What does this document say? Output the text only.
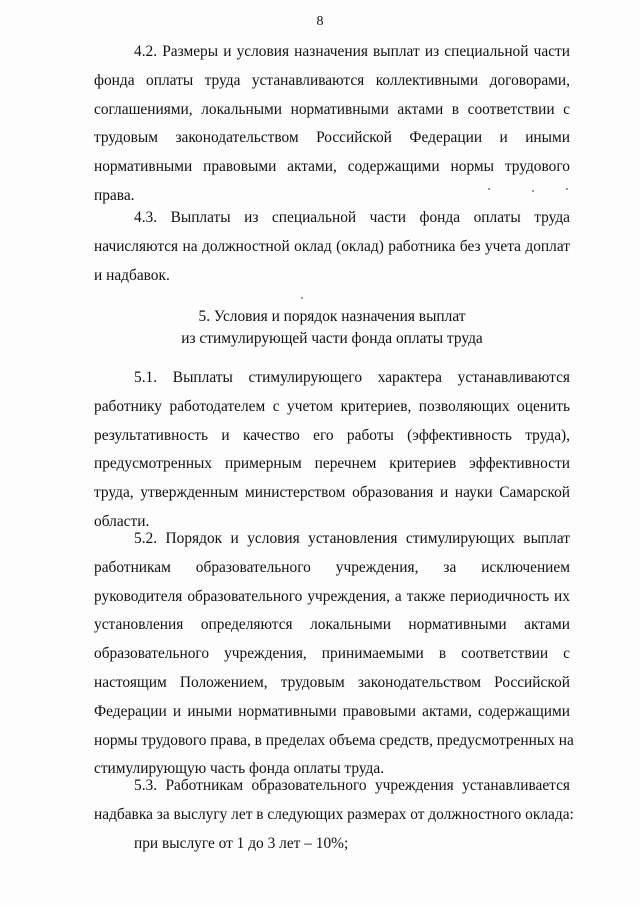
8
4.2. Размеры и условия назначения выплат из специальной части
фонда оплаты труда устанавливаются коллективными договорами,
соглашениями, локальными нормативными актами в соответствии с
трудовым законодательством Российской Федерации и иными
нормативными правовыми актами, содержащими нормы трудового
права.
4.3. Выплаты из специальной части фонда оплаты труда
начисляются на должностной оклад (оклад) работника без учета доплат
и надбавок.
5. Условия и порядок назначения выплат
из стимулирующей части фонда оплаты труда
5.1. Выплаты стимулирующего характера устанавливаются
работнику работодателем с учетом критериев, позволяющих оценить
результативность и качество его работы (эффективность труда),
предусмотренных примерным перечнем критериев эффективности
труда, утвержденным министерством образования и науки Самарской
области.
5.2. Порядок и условия установления стимулирующих выплат
работникам образовательного учреждения, за исключением
руководителя образовательного учреждения, а также периодичность их
установления определяются локальными нормативными актами
образовательного учреждения, принимаемыми в соответствии с
настоящим Положением, трудовым законодательством Российской
Федерации и иными нормативными правовыми актами, содержащими
нормы трудового права, в пределах объема средств, предусмотренных на
стимулирующую часть фонда оплаты труда.
5.3. Работникам образовательного учреждения устанавливается
надбавка за выслугу лет в следующих размерах от должностного оклада:
при выслуге от 1 до 3 лет – 10%;
